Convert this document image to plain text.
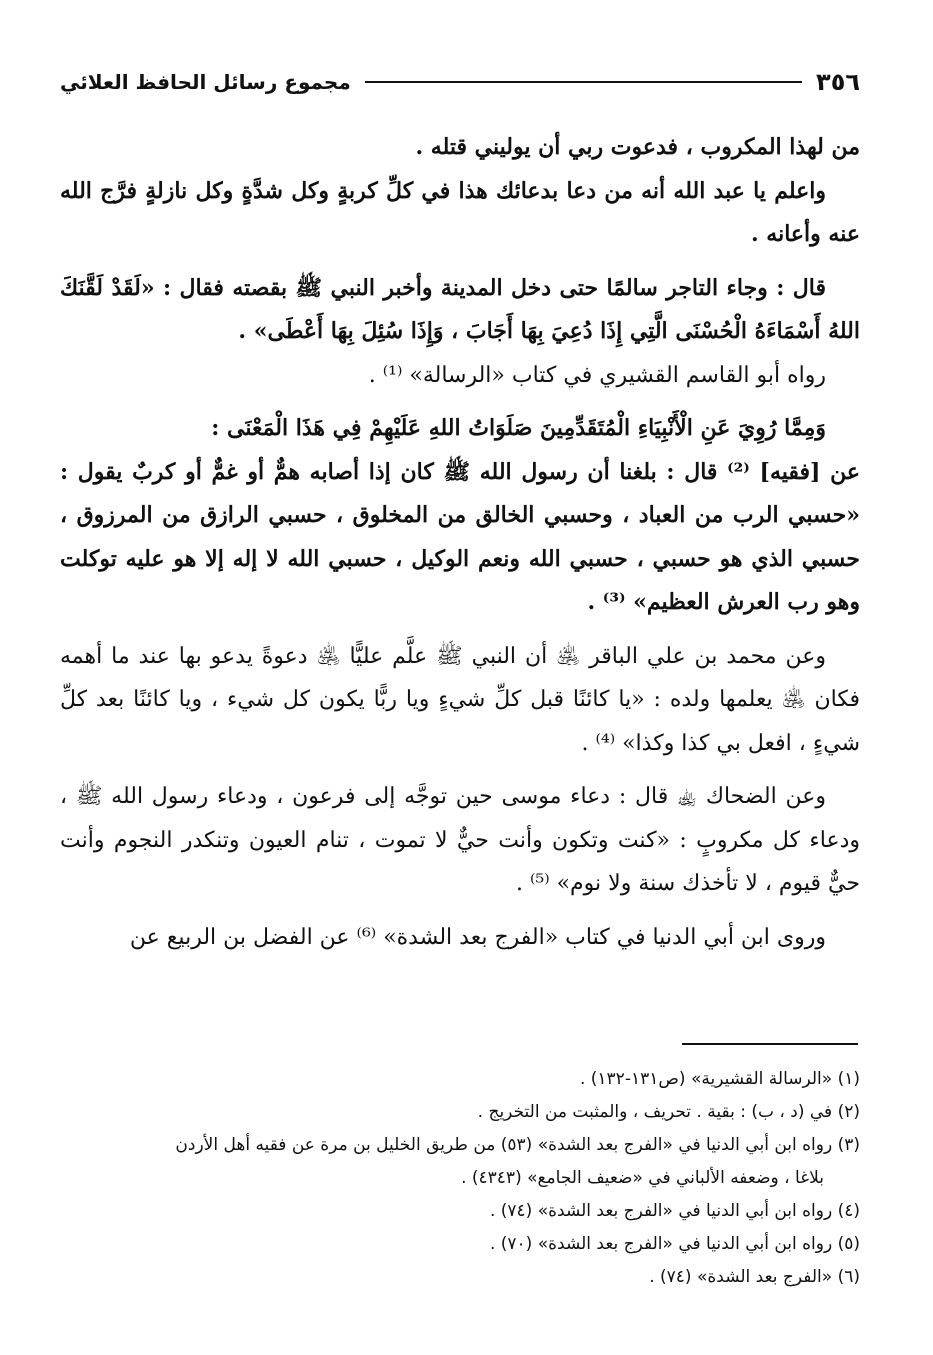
مجموع رسائل الحافظ العلائي	٣٥٦

من لهذا المكروب ، فدعوت ربي أن يوليني قتله .

واعلم يا عبد الله أنه من دعا بدعائك هذا في كلِّ كربةٍ وكل شدَّةٍ وكل نازلةٍ فرَّج الله عنه وأعانه .

قال : وجاء التاجر سالمًا حتى دخل المدينة وأخبر النبي ﷺ بقصته فقال : «لَقَدْ لَقَّنَكَ اللهُ أَسْمَاءَهُ الْحُسْنَى الَّتِي إِذَا دُعِيَ بِهَا أَجَابَ ، وَإِذَا سُئِلَ بِهَا أَعْطَى» .

رواه أبو القاسم القشيري في كتاب «الرسالة» ⁽¹⁾ .

وَمِمَّا رُوِيَ عَنِ الْأَنْبِيَاءِ الْمُتَقَدِّمِينَ صَلَوَاتُ اللهِ عَلَيْهِمْ فِي هَذَا الْمَعْنَى :

عن [فقيه] ⁽²⁾ قال : بلغنا أن رسول الله ﷺ كان إذا أصابه همٌّ أو غمٌّ أو كربٌ يقول : «حسبي الرب من العباد ، وحسبي الخالق من المخلوق ، حسبي الرازق من المرزوق ، حسبي الذي هو حسبي ، حسبي الله ونعم الوكيل ، حسبي الله لا إله إلا هو عليه توكلت وهو رب العرش العظيم» ⁽³⁾ .

وعن محمد بن علي الباقر ﵁ أن النبي ﷺ علَّم عليًّا ﵁ دعوةً يدعو بها عند ما أهمه فكان ﵁ يعلمها ولده : «يا كائنًا قبل كلِّ شيءٍ ويا ربًّا يكون كل شيء ، ويا كائنًا بعد كلِّ شيءٍ ، افعل بي كذا وكذا» ⁽⁴⁾ .

وعن الضحاك ﵀ قال : دعاء موسى حين توجَّه إلى فرعون ، ودعاء رسول الله ﷺ ، ودعاء كل مكروبٍ : «كنت وتكون وأنت حيٌّ لا تموت ، تنام العيون وتنكدر النجوم وأنت حيٌّ قيوم ، لا تأخذك سنة ولا نوم» ⁽⁵⁾ .

وروى ابن أبي الدنيا في كتاب «الفرج بعد الشدة» ⁽⁶⁾ عن الفضل بن الربيع عن

(١) «الرسالة القشيرية» (ص١٣١-١٣٢) .

(٢) في (د ، ب) : بقية . تحريف ، والمثبت من التخريج .

(٣) رواه ابن أبي الدنيا في «الفرج بعد الشدة» (٥٣) من طريق الخليل بن مرة عن فقيه أهل الأردن

بلاغا ، وضعفه الألباني في «ضعيف الجامع» (٤٣٤٣) .

(٤) رواه ابن أبي الدنيا في «الفرج بعد الشدة» (٧٤) .

(٥) رواه ابن أبي الدنيا في «الفرج بعد الشدة» (٧٠) .

(٦) «الفرج بعد الشدة» (٧٤) .
